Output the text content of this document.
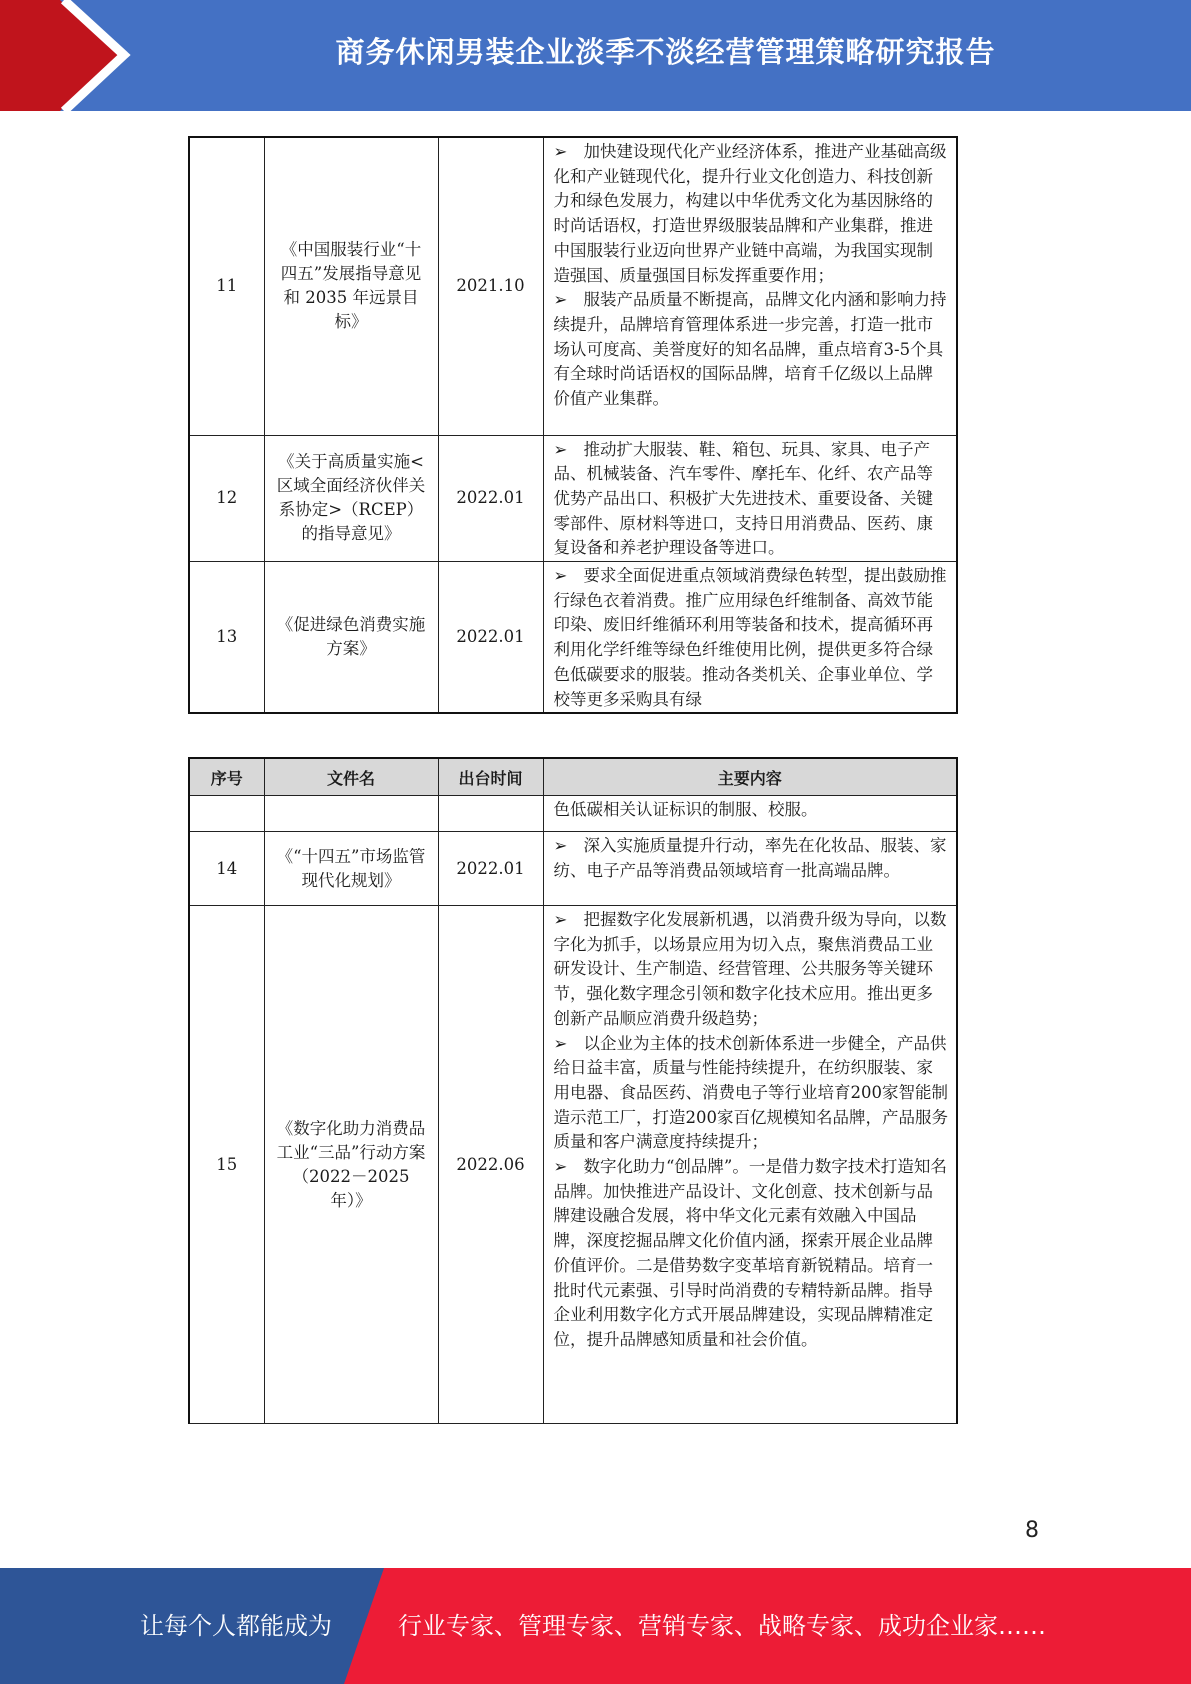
商务休闲男装企业淡季不淡经营管理策略研究报告
11	《中国服装行业“十四五”发展指导意见和 2035 年远景目标》	2021.10	➢ 加快建设现代化产业经济体系，推进产业基础高级化和产业链现代化，提升行业文化创造力、科技创新力和绿色发展力，构建以中华优秀文化为基因脉络的时尚话语权，打造世界级服装品牌和产业集群，推进中国服装行业迈向世界产业链中高端，为我国实现制造强国、质量强国目标发挥重要作用；
➢ 服装产品质量不断提高，品牌文化内涵和影响力持续提升，品牌培育管理体系进一步完善，打造一批市场认可度高、美誉度好的知名品牌，重点培育3-5个具有全球时尚话语权的国际品牌，培育千亿级以上品牌价值产业集群。

12	《关于高质量实施<区域全面经济伙伴关系协定>（RCEP）的指导意见》	2022.01	➢ 推动扩大服装、鞋、箱包、玩具、家具、电子产品、机械装备、汽车零件、摩托车、化纤、农产品等优势产品出口、积极扩大先进技术、重要设备、关键零部件、原材料等进口，支持日用消费品、医药、康复设备和养老护理设备等进口。

13	《促进绿色消费实施方案》	2022.01	➢ 要求全面促进重点领域消费绿色转型，提出鼓励推行绿色衣着消费。推广应用绿色纤维制备、高效节能印染、废旧纤维循环利用等装备和技术，提高循环再利用化学纤维等绿色纤维使用比例，提供更多符合绿色低碳要求的服装。推动各类机关、企事业单位、学校等更多采购具有绿
序号	文件名	出台时间	主要内容
			色低碳相关认证标识的制服、校服。
14	《“十四五”市场监管现代化规划》	2022.01	➢ 深入实施质量提升行动，率先在化妆品、服装、家纺、电子产品等消费品领域培育一批高端品牌。

15	《数字化助力消费品工业“三品”行动方案（2022－2025 年）》	2022.06	➢ 把握数字化发展新机遇，以消费升级为导向，以数字化为抓手，以场景应用为切入点，聚焦消费品工业研发设计、生产制造、经营管理、公共服务等关键环节，强化数字理念引领和数字化技术应用。推出更多创新产品顺应消费升级趋势；
➢ 以企业为主体的技术创新体系进一步健全，产品供给日益丰富，质量与性能持续提升，在纺织服装、家用电器、食品医药、消费电子等行业培育200家智能制造示范工厂，打造200家百亿规模知名品牌，产品服务质量和客户满意度持续提升；
➢ 数字化助力“创品牌”。一是借力数字技术打造知名品牌。加快推进产品设计、文化创意、技术创新与品牌建设融合发展，将中华文化元素有效融入中国品牌，深度挖掘品牌文化价值内涵，探索开展企业品牌价值评价。二是借势数字变革培育新锐精品。培育一批时代元素强、引导时尚消费的专精特新品牌。指导企业利用数字化方式开展品牌建设，实现品牌精准定位，提升品牌感知质量和社会价值。
8
让每个人都能成为	行业专家、管理专家、营销专家、战略专家、成功企业家……
